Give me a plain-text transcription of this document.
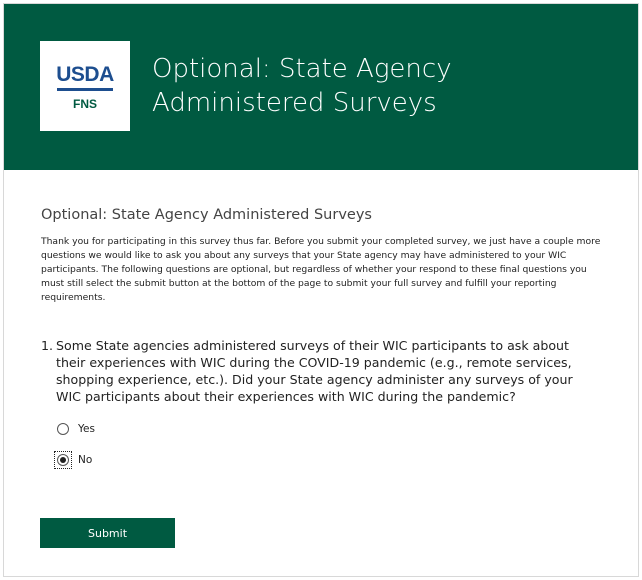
USDA
FNS
Optional: State Agency Administered Surveys
Optional: State Agency Administered Surveys
Thank you for participating in this survey thus far. Before you submit your completed survey, we just have a couple more questions we would like to ask you about any surveys that your State agency may have administered to your WIC participants. The following questions are optional, but regardless of whether your respond to these final questions you must still select the submit button at the bottom of the page to submit your full survey and fulfill your reporting requirements.
1. Some State agencies administered surveys of their WIC participants to ask about their experiences with WIC during the COVID-19 pandemic (e.g., remote services, shopping experience, etc.). Did your State agency administer any surveys of your WIC participants about their experiences with WIC during the pandemic?
Yes
No
Submit
